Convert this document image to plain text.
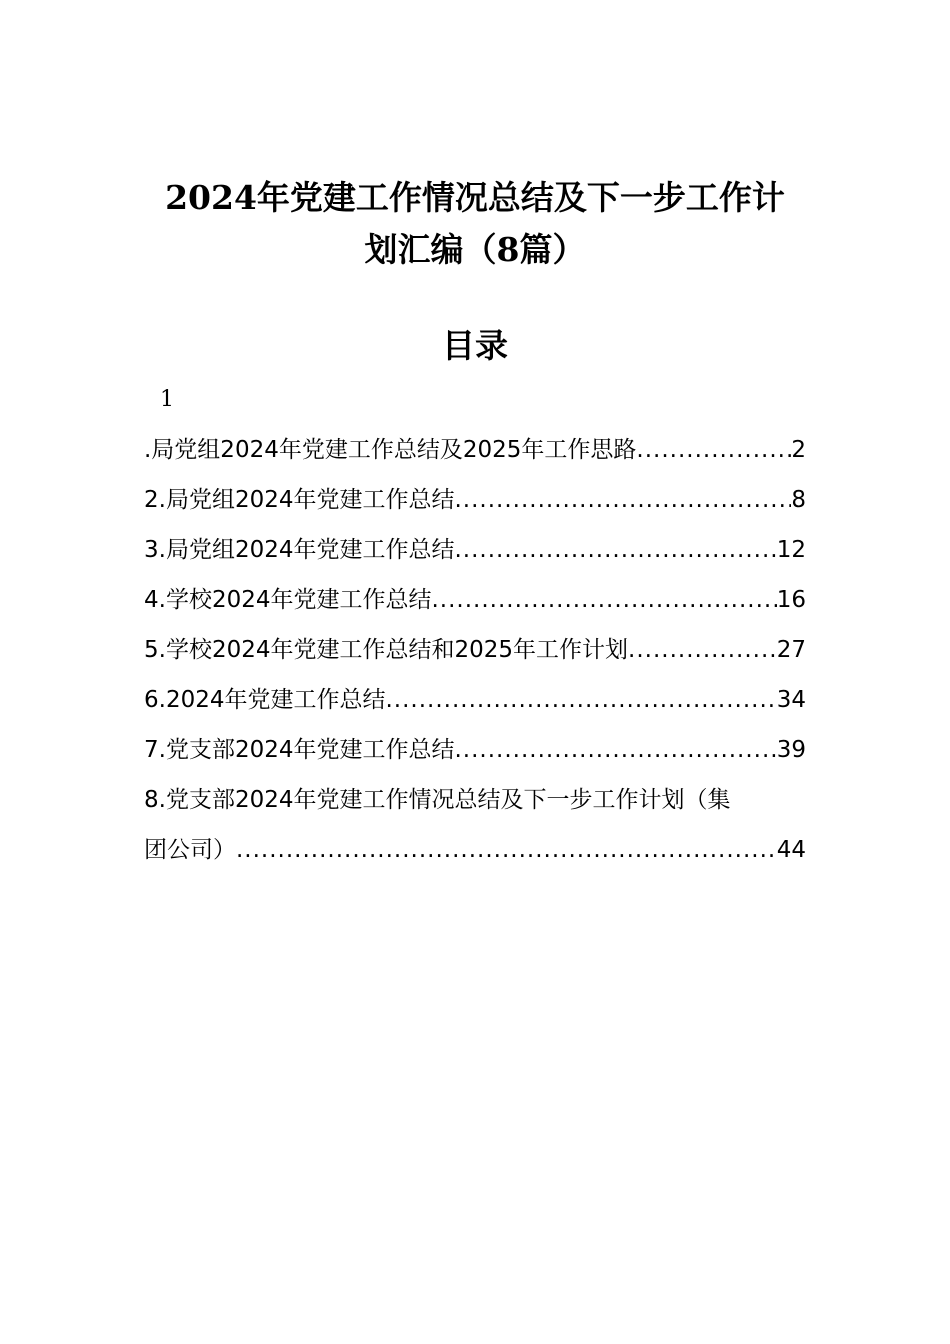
2024年党建工作情况总结及下一步工作计
划汇编（8篇）
目录
1
.局党组2024年党建工作总结及2025年工作思路 .....	2
2.局党组2024年党建工作总结 .....	8
3.局党组2024年党建工作总结 .....	12
4.学校2024年党建工作总结 .....	16
5.学校2024年党建工作总结和2025年工作计划 .....	27
6.2024年党建工作总结 .....	34
7.党支部2024年党建工作总结 .....	39
8.党支部2024年党建工作情况总结及下一步工作计划（集
团公司） .....	44
